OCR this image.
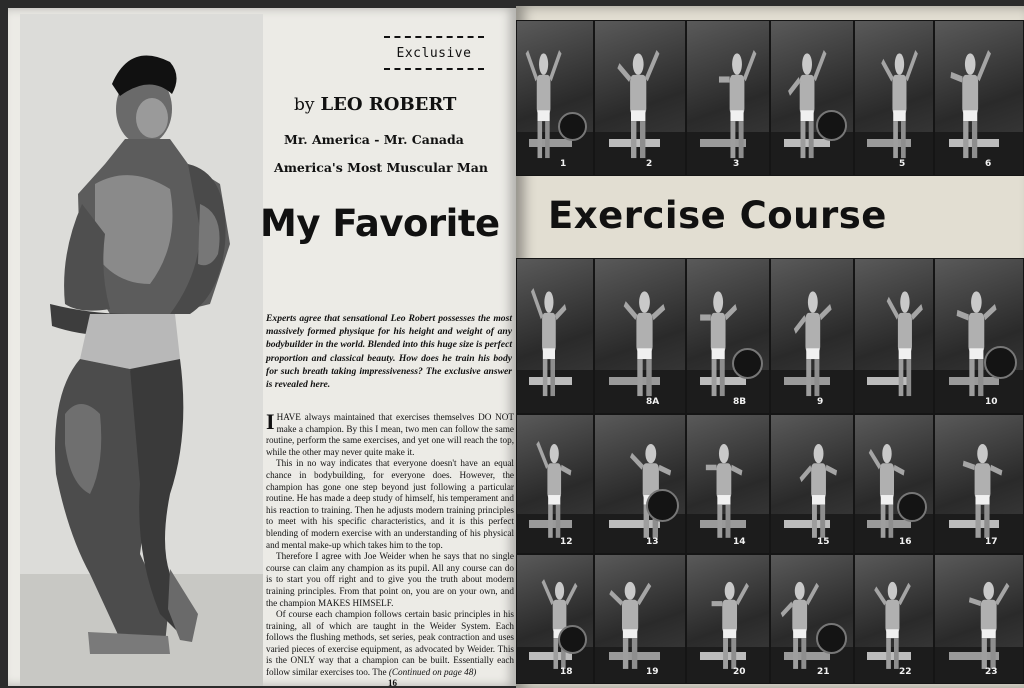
Exclusive
by LEO ROBERT
Mr. America - Mr. Canada
America's Most Muscular Man
My Favorite
Experts agree that sensational Leo Robert possesses the most massively formed physique for his height and weight of any bodybuilder in the world. Blended into this huge size is perfect proportion and classical beauty. How does he train his body for such breath taking impressiveness? The exclusive answer is revealed here.

IHAVE always maintained that exercises themselves DO NOT make a champion. By this I mean, two men can follow the same routine, perform the same exercises, and yet one will reach the top, while the other may never quite make it.

This in no way indicates that everyone doesn't have an equal chance in bodybuilding, for everyone does. However, the champion has gone one step beyond just following a particular routine. He has made a deep study of himself, his temperament and his reaction to training. Then he adjusts modern training principles to meet with his specific characteristics, and it is this perfect blending of modern exercise with an understanding of his physical and mental make-up which takes him to the top.

Therefore I agree with Joe Weider when he says that no single course can claim any champion as its pupil. All any course can do is to start you off right and to give you the truth about modern training principles. From that point on, you are on your own, and the champion MAKES HIMSELF.

Of course each champion follows certain basic principles in his training, all of which are taught in the Weider System. Each follows the flushing methods, set series, peak contraction and uses varied pieces of exercise equipment, as advocated by Weider. This is the ONLY way that a champion can be built. Essentially each follow similar exercises too. The (Continued on page 48)

16
Exercise Course
1	2	3	5	6
8A	8B	9	10
12	13	14	15	16	17
18	19	20	21	22	23
